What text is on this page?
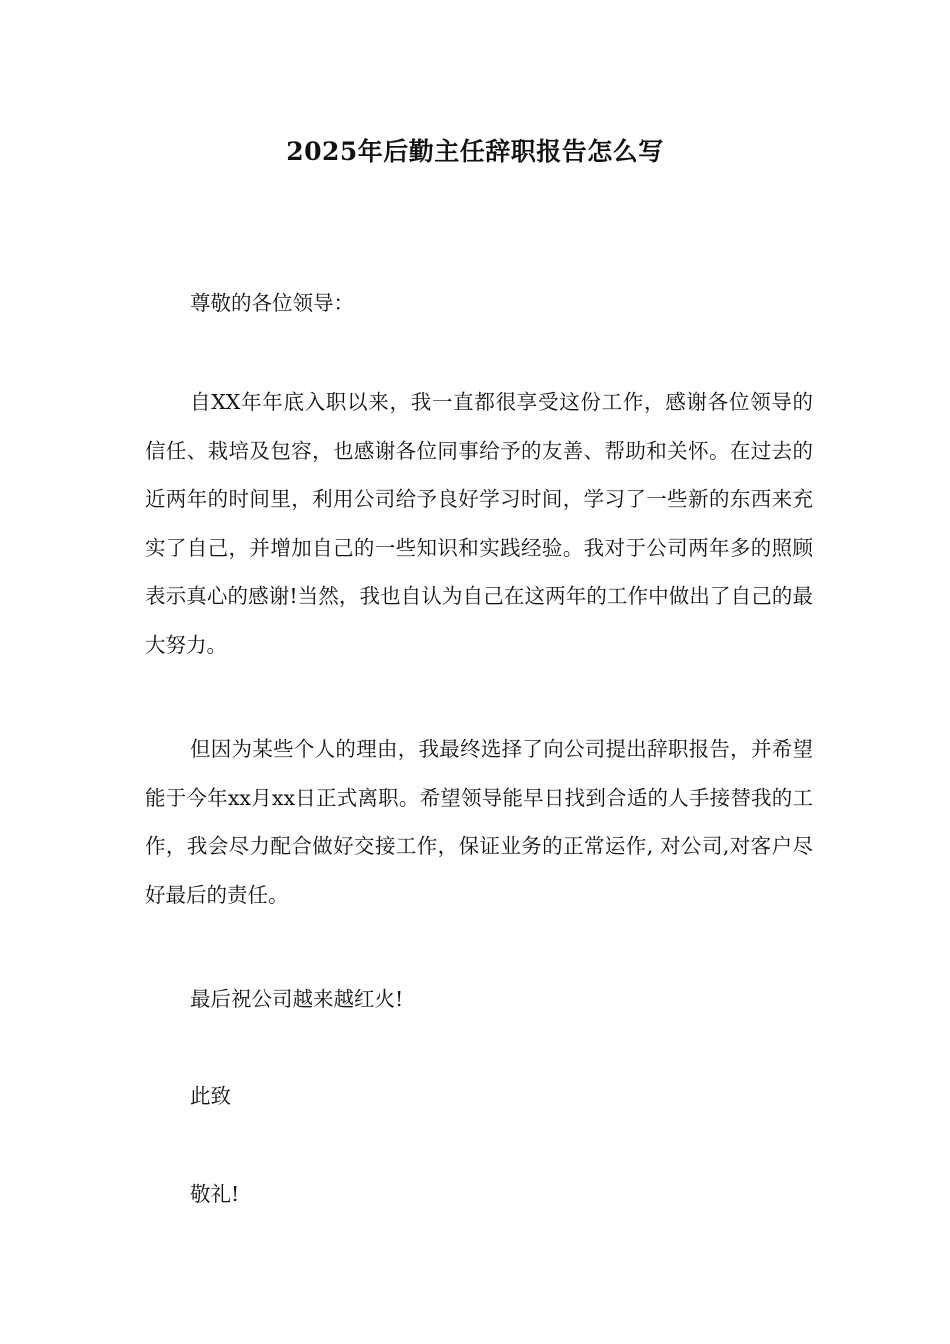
2025年后勤主任辞职报告怎么写

尊敬的各位领导：

自XX年年底入职以来，我一直都很享受这份工作，感谢各位领导的信任、栽培及包容，也感谢各位同事给予的友善、帮助和关怀。在过去的近两年的时间里，利用公司给予良好学习时间，学习了一些新的东西来充实了自己，并增加自己的一些知识和实践经验。我对于公司两年多的照顾表示真心的感谢!当然，我也自认为自己在这两年的工作中做出了自己的最大努力。

但因为某些个人的理由，我最终选择了向公司提出辞职报告，并希望能于今年xx月xx日正式离职。希望领导能早日找到合适的人手接替我的工作，我会尽力配合做好交接工作，保证业务的正常运作, 对公司,对客户尽好最后的责任。

最后祝公司越来越红火!

此致

敬礼!
